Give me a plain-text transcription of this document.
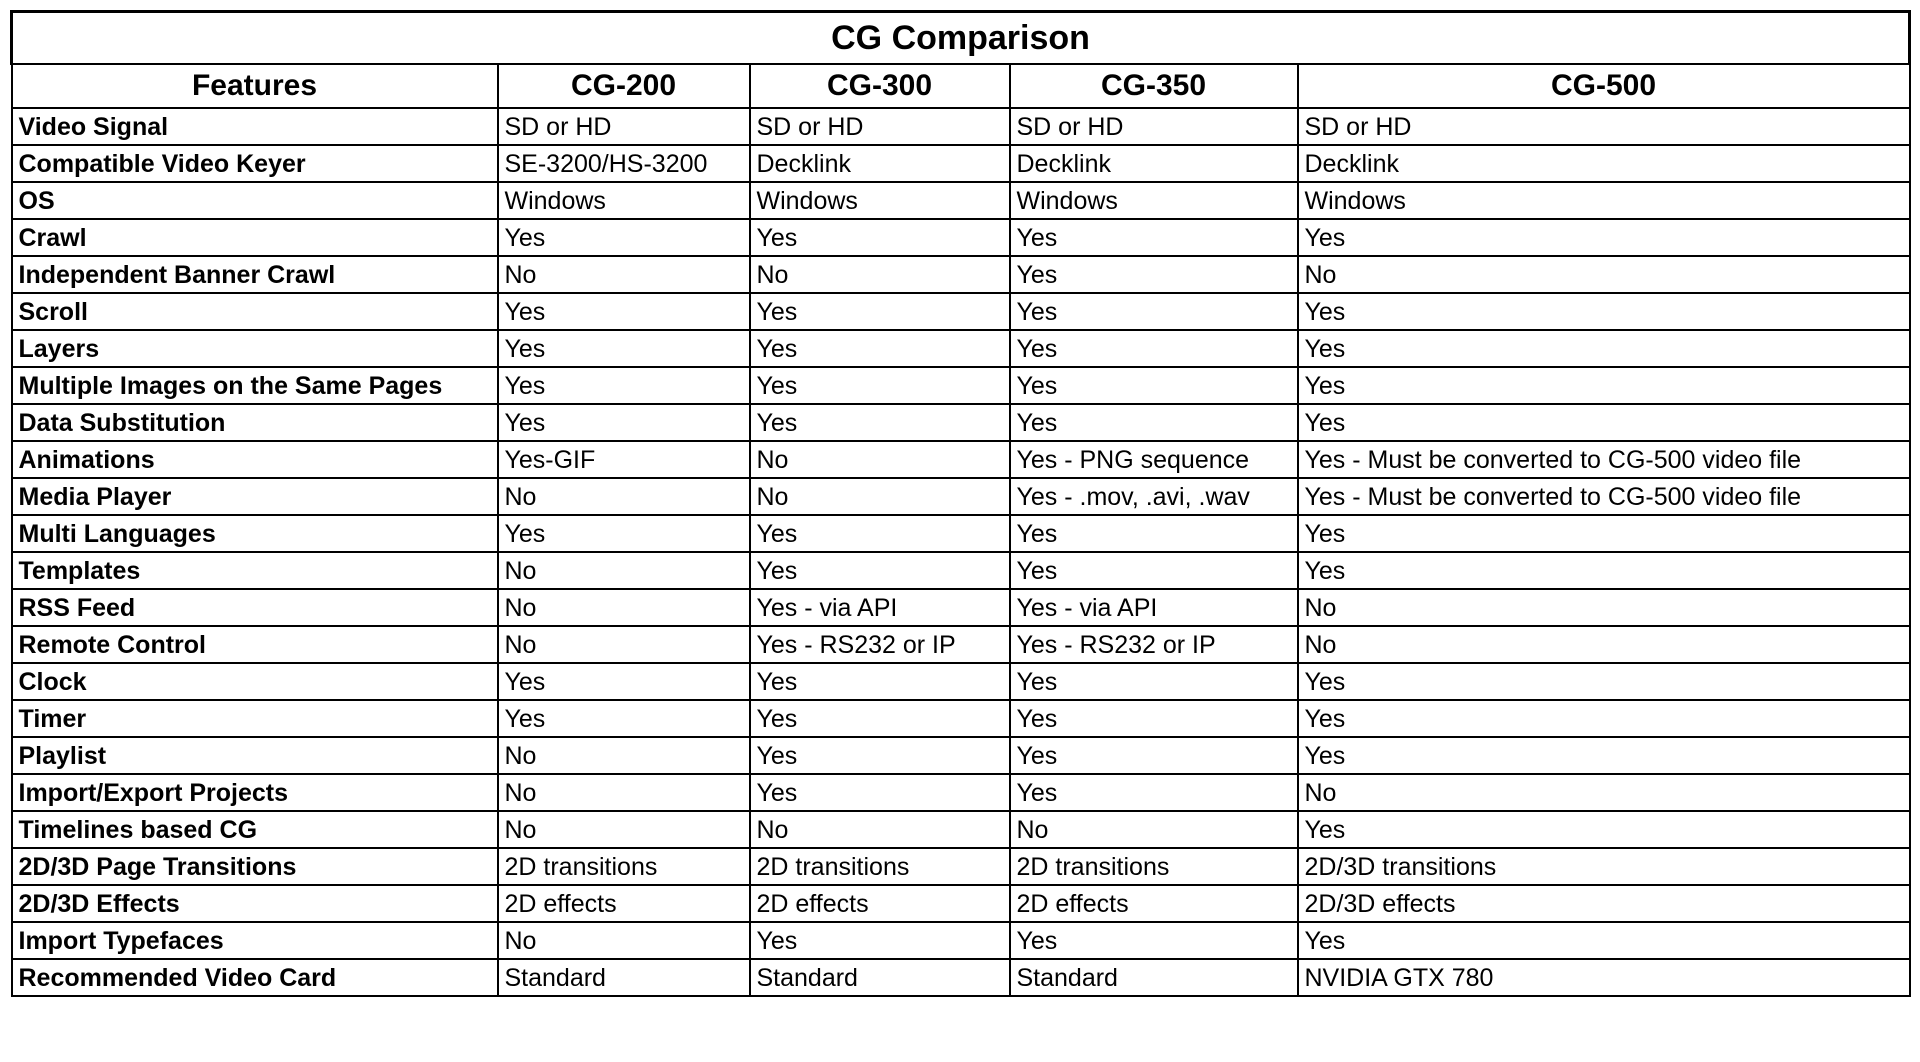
CG Comparison				
Features	CG-200	CG-300	CG-350	CG-500
Video Signal	SD or HD	SD or HD	SD or HD	SD or HD
Compatible Video Keyer	SE-3200/HS-3200	Decklink	Decklink	Decklink
OS	Windows	Windows	Windows	Windows
Crawl	Yes	Yes	Yes	Yes
Independent Banner Crawl	No	No	Yes	No
Scroll	Yes	Yes	Yes	Yes
Layers	Yes	Yes	Yes	Yes
Multiple Images on the Same Pages	Yes	Yes	Yes	Yes
Data Substitution	Yes	Yes	Yes	Yes
Animations	Yes-GIF	No	Yes - PNG sequence	Yes - Must be converted to CG-500 video file
Media Player	No	No	Yes - .mov, .avi, .wav	Yes - Must be converted to CG-500 video file
Multi Languages	Yes	Yes	Yes	Yes
Templates	No	Yes	Yes	Yes
RSS Feed	No	Yes - via API	Yes - via API	No
Remote Control	No	Yes - RS232 or IP	Yes - RS232 or IP	No
Clock	Yes	Yes	Yes	Yes
Timer	Yes	Yes	Yes	Yes
Playlist	No	Yes	Yes	Yes
Import/Export Projects	No	Yes	Yes	No
Timelines based CG	No	No	No	Yes
2D/3D Page Transitions	2D transitions	2D transitions	2D transitions	2D/3D transitions
2D/3D Effects	2D effects	2D effects	2D effects	2D/3D effects
Import Typefaces	No	Yes	Yes	Yes
Recommended Video Card	Standard	Standard	Standard	NVIDIA GTX 780
